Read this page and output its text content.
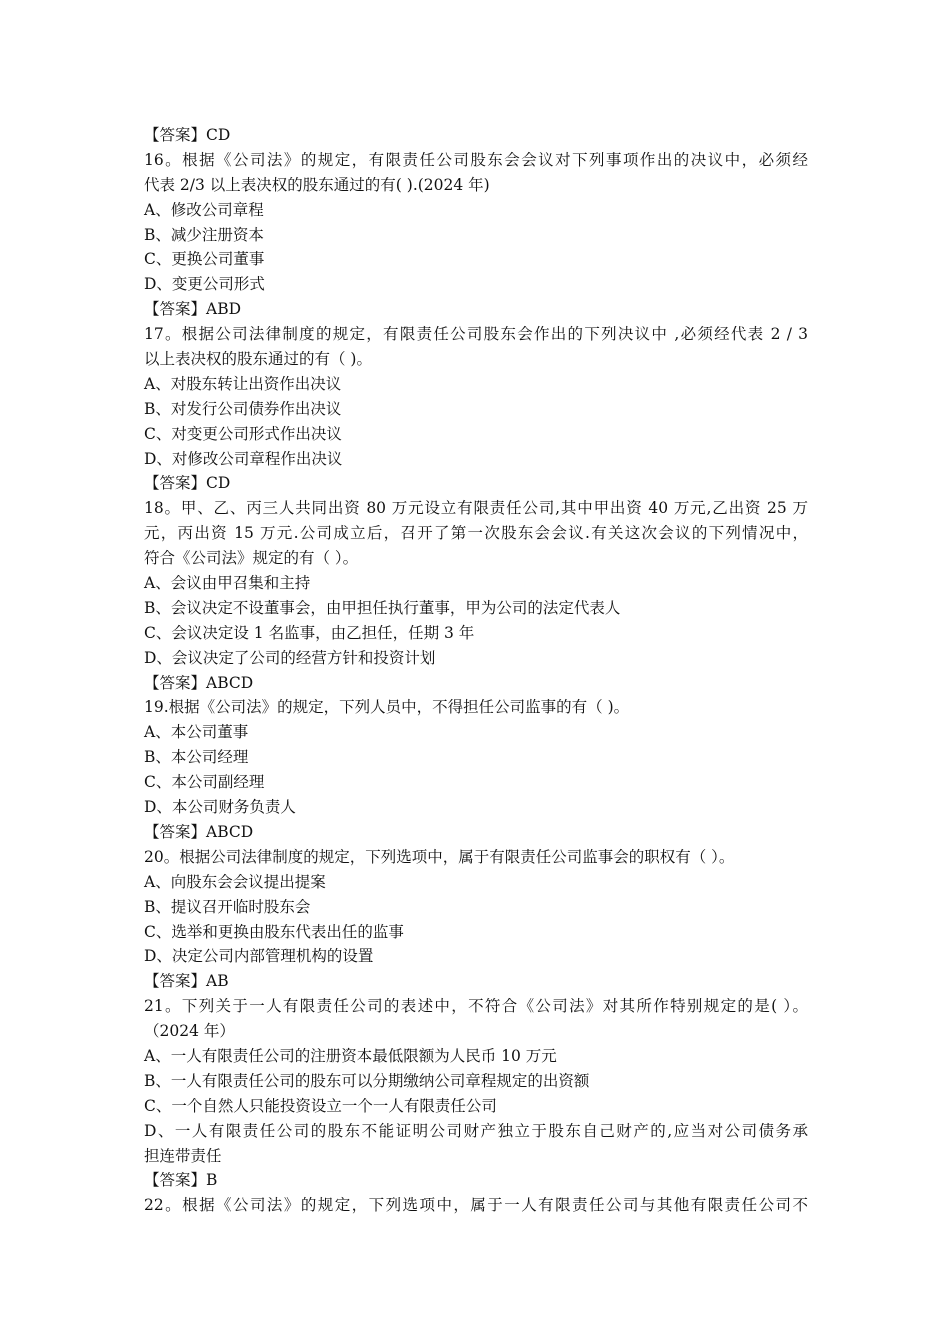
【答案】CD
16。根据《公司法》的规定，有限责任公司股东会会议对下列事项作出的决议中，必须经
代表 2/3 以上表决权的股东通过的有( ).(2024 年)
A、修改公司章程
B、减少注册资本
C、更换公司董事
D、变更公司形式
【答案】ABD
17。根据公司法律制度的规定，有限责任公司股东会作出的下列决议中 ,必须经代表 2 / 3
以上表决权的股东通过的有（ )。
A、对股东转让出资作出决议
B、对发行公司债券作出决议
C、对变更公司形式作出决议
D、对修改公司章程作出决议
【答案】CD
18。甲、乙、丙三人共同出资 80 万元设立有限责任公司,其中甲出资 40 万元,乙出资 25 万
元，丙出资 15 万元.公司成立后，召开了第一次股东会会议.有关这次会议的下列情况中，
符合《公司法》规定的有（ ）。
A、会议由甲召集和主持
B、会议决定不设董事会，由甲担任执行董事，甲为公司的法定代表人
C、会议决定设 1 名监事，由乙担任，任期 3 年
D、会议决定了公司的经营方针和投资计划
【答案】ABCD
19.根据《公司法》的规定，下列人员中，不得担任公司监事的有（ )。
A、本公司董事
B、本公司经理
C、本公司副经理
D、本公司财务负责人
【答案】ABCD
20。根据公司法律制度的规定，下列选项中，属于有限责任公司监事会的职权有（ ）。
A、向股东会会议提出提案
B、提议召开临时股东会
C、选举和更换由股东代表出任的监事
D、决定公司内部管理机构的设置
【答案】AB
21。下列关于一人有限责任公司的表述中，不符合《公司法》对其所作特别规定的是( ）。
（2024 年）
A、一人有限责任公司的注册资本最低限额为人民币 10 万元
B、一人有限责任公司的股东可以分期缴纳公司章程规定的出资额
C、一个自然人只能投资设立一个一人有限责任公司
D、一人有限责任公司的股东不能证明公司财产独立于股东自己财产的,应当对公司债务承
担连带责任
【答案】B
22。根据《公司法》的规定，下列选项中，属于一人有限责任公司与其他有限责任公司不
